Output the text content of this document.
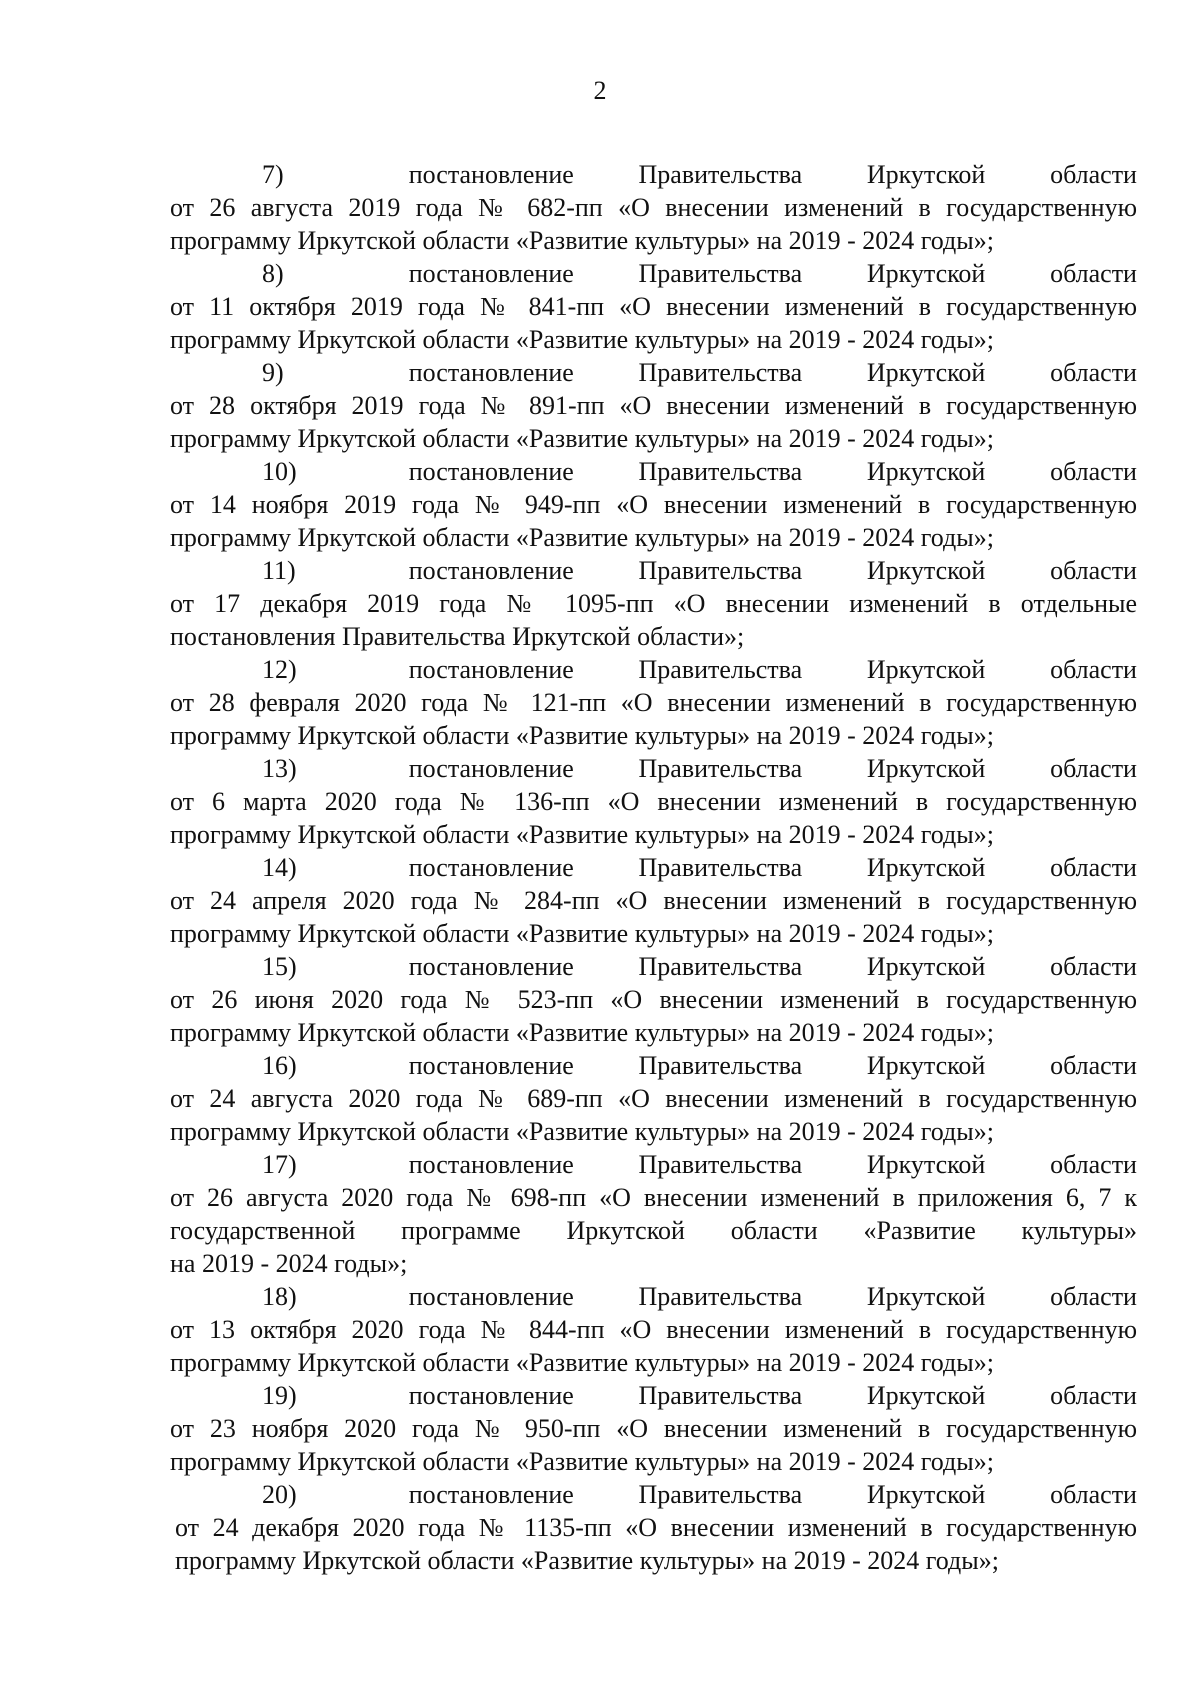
2
7)	постановление Правительства Иркутской области
от 26 августа 2019 года № 682-пп «О внесении изменений в государственную
программу Иркутской области «Развитие культуры» на 2019 - 2024 годы»;
8)	постановление Правительства Иркутской области
от 11 октября 2019 года № 841-пп «О внесении изменений в государственную
программу Иркутской области «Развитие культуры» на 2019 - 2024 годы»;
9)	постановление Правительства Иркутской области
от 28 октября 2019 года № 891-пп «О внесении изменений в государственную
программу Иркутской области «Развитие культуры» на 2019 - 2024 годы»;
10)	постановление Правительства Иркутской области
от 14 ноября 2019 года № 949-пп «О внесении изменений в государственную
программу Иркутской области «Развитие культуры» на 2019 - 2024 годы»;
11)	постановление Правительства Иркутской области
от 17 декабря 2019 года № 1095-пп «О внесении изменений в отдельные
постановления Правительства Иркутской области»;
12)	постановление Правительства Иркутской области
от 28 февраля 2020 года № 121-пп «О внесении изменений в государственную
программу Иркутской области «Развитие культуры» на 2019 - 2024 годы»;
13)	постановление Правительства Иркутской области
от 6 марта 2020 года № 136-пп «О внесении изменений в государственную
программу Иркутской области «Развитие культуры» на 2019 - 2024 годы»;
14)	постановление Правительства Иркутской области
от 24 апреля 2020 года № 284-пп «О внесении изменений в государственную
программу Иркутской области «Развитие культуры» на 2019 - 2024 годы»;
15)	постановление Правительства Иркутской области
от 26 июня 2020 года № 523-пп «О внесении изменений в государственную
программу Иркутской области «Развитие культуры» на 2019 - 2024 годы»;
16)	постановление Правительства Иркутской области
от 24 августа 2020 года № 689-пп «О внесении изменений в государственную
программу Иркутской области «Развитие культуры» на 2019 - 2024 годы»;
17)	постановление Правительства Иркутской области
от 26 августа 2020 года № 698-пп «О внесении изменений в приложения 6, 7 к
государственной программе Иркутской области «Развитие культуры»
на 2019 - 2024 годы»;
18)	постановление Правительства Иркутской области
от 13 октября 2020 года № 844-пп «О внесении изменений в государственную
программу Иркутской области «Развитие культуры» на 2019 - 2024 годы»;
19)	постановление Правительства Иркутской области
от 23 ноября 2020 года № 950-пп «О внесении изменений в государственную
программу Иркутской области «Развитие культуры» на 2019 - 2024 годы»;
20)	постановление Правительства Иркутской области
от 24 декабря 2020 года № 1135-пп «О внесении изменений в государственную
программу Иркутской области «Развитие культуры» на 2019 - 2024 годы»;
